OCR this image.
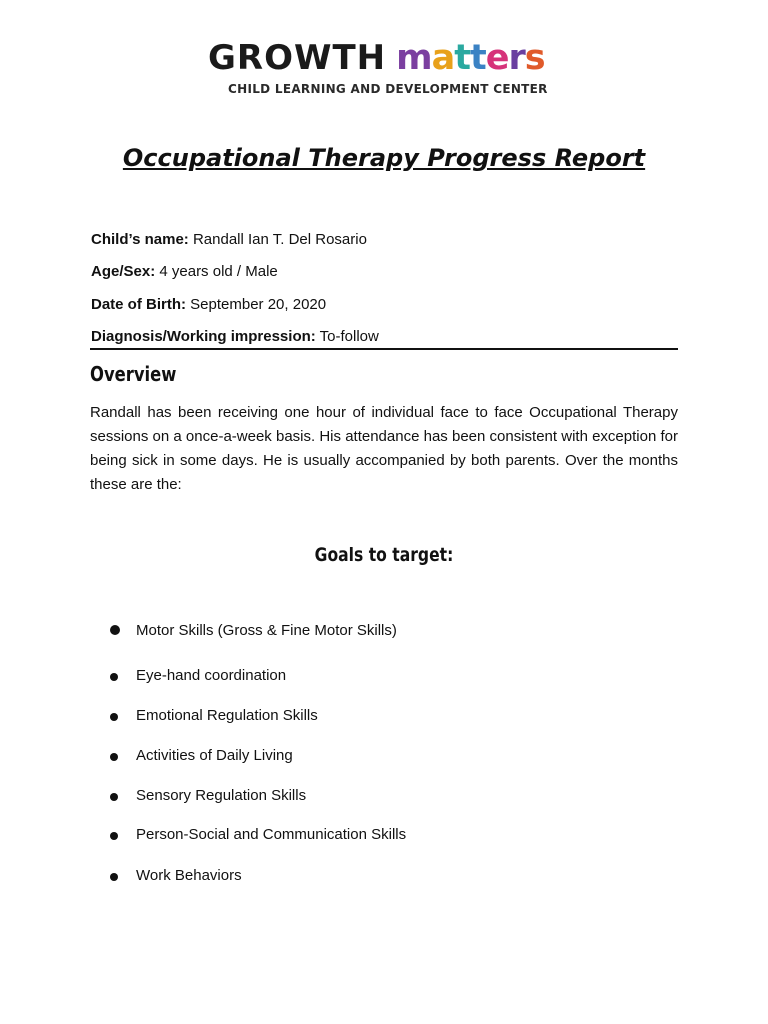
GROWTH matters
CHILD LEARNING AND DEVELOPMENT CENTER
Occupational Therapy Progress Report
Child’s name: Randall Ian T. Del Rosario
Age/Sex: 4 years old / Male
Date of Birth: September 20, 2020
Diagnosis/Working impression: To-follow
Overview
Randall has been receiving one hour of individual face to face Occupational Therapy sessions on a once-a-week basis. His attendance has been consistent with exception for being sick in some days. He is usually accompanied by both parents. Over the months these are the:
Goals to target:
Motor Skills (Gross & Fine Motor Skills)
Eye-hand coordination
Emotional Regulation Skills
Activities of Daily Living
Sensory Regulation Skills
Person-Social and Communication Skills
Work Behaviors
